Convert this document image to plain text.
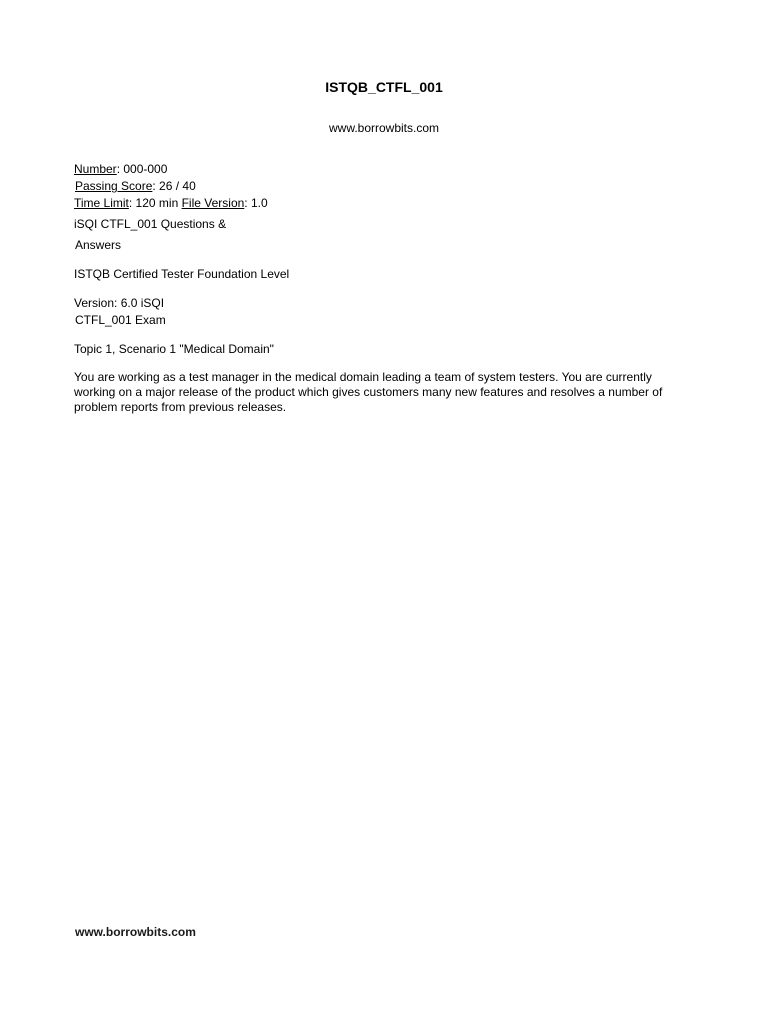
ISTQB_CTFL_001
www.borrowbits.com
Number: 000-000
Passing Score: 26 / 40
Time Limit: 120 min File Version: 1.0
iSQI CTFL_001 Questions &
Answers
ISTQB Certified Tester Foundation Level
Version: 6.0 iSQI
CTFL_001 Exam
Topic 1, Scenario 1 "Medical Domain"
You are working as a test manager in the medical domain leading a team of system testers. You are currently working on a major release of the product which gives customers many new features and resolves a number of problem reports from previous releases.
www.borrowbits.com
